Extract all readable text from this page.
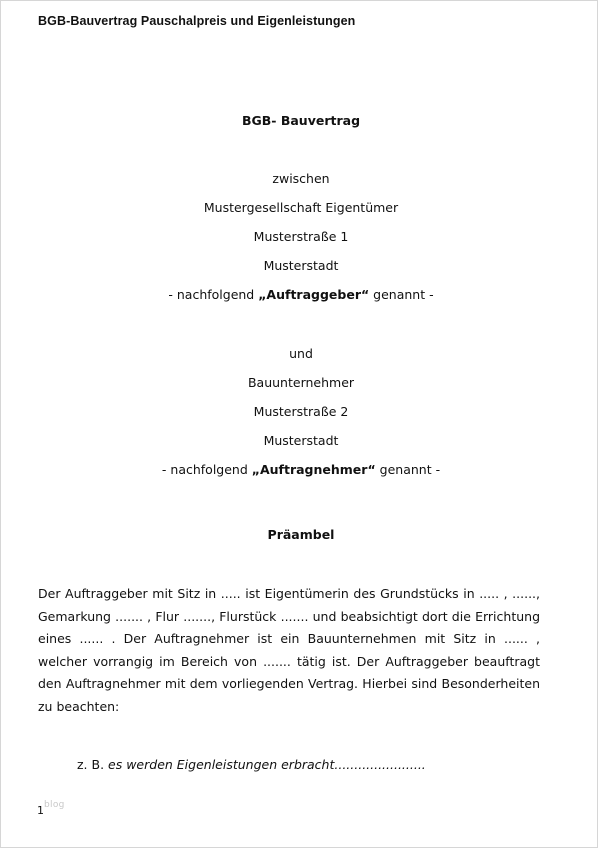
BGB-Bauvertrag Pauschalpreis und Eigenleistungen
BGB- Bauvertrag
zwischen
Mustergesellschaft Eigentümer
Musterstraße 1
Musterstadt
- nachfolgend „Auftraggeber“ genannt -
und
Bauunternehmer
Musterstraße 2
Musterstadt
- nachfolgend „Auftragnehmer“ genannt -
Präambel
Der Auftraggeber mit Sitz in ..... ist Eigentümerin des Grundstücks in ..... , ......, Gemarkung ....... , Flur ......., Flurstück ....... und beabsichtigt dort die Errichtung eines ...... . Der Auftragnehmer ist ein Bauunternehmen mit Sitz in ...... , welcher vorrangig im Bereich von ....... tätig ist. Der Auftraggeber beauftragt den Auftragnehmer mit dem vorliegenden Vertrag. Hierbei sind Besonderheiten zu beachten:
z. B. es werden Eigenleistungen erbracht.......................
blog
1
